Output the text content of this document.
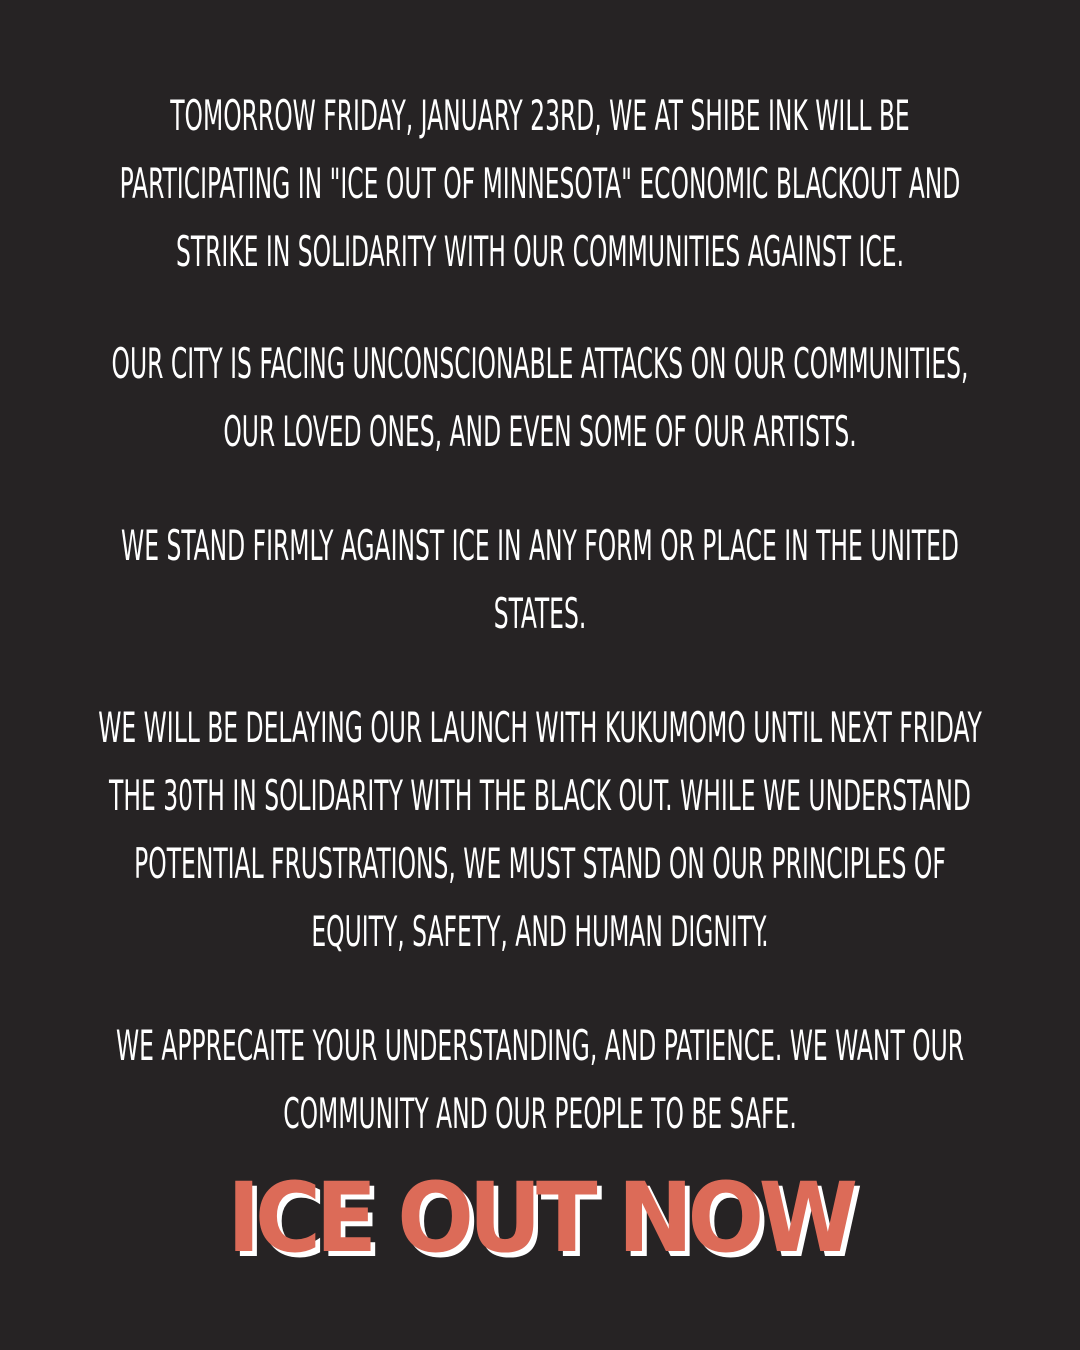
TOMORROW FRIDAY, JANUARY 23RD, WE AT SHIBE INK WILL BE
PARTICIPATING IN "ICE OUT OF MINNESOTA" ECONOMIC BLACKOUT AND
STRIKE IN SOLIDARITY WITH OUR COMMUNITIES AGAINST ICE.

OUR CITY IS FACING UNCONSCIONABLE ATTACKS ON OUR COMMUNITIES,
OUR LOVED ONES, AND EVEN SOME OF OUR ARTISTS.

WE STAND FIRMLY AGAINST ICE IN ANY FORM OR PLACE IN THE UNITED
STATES.

WE WILL BE DELAYING OUR LAUNCH WITH KUKUMOMO UNTIL NEXT FRIDAY
THE 30TH IN SOLIDARITY WITH THE BLACK OUT. WHILE WE UNDERSTAND
POTENTIAL FRUSTRATIONS, WE MUST STAND ON OUR PRINCIPLES OF
EQUITY, SAFETY, AND HUMAN DIGNITY.

WE APPRECAITE YOUR UNDERSTANDING, AND PATIENCE. WE WANT OUR
COMMUNITY AND OUR PEOPLE TO BE SAFE.

ICE OUT NOW
